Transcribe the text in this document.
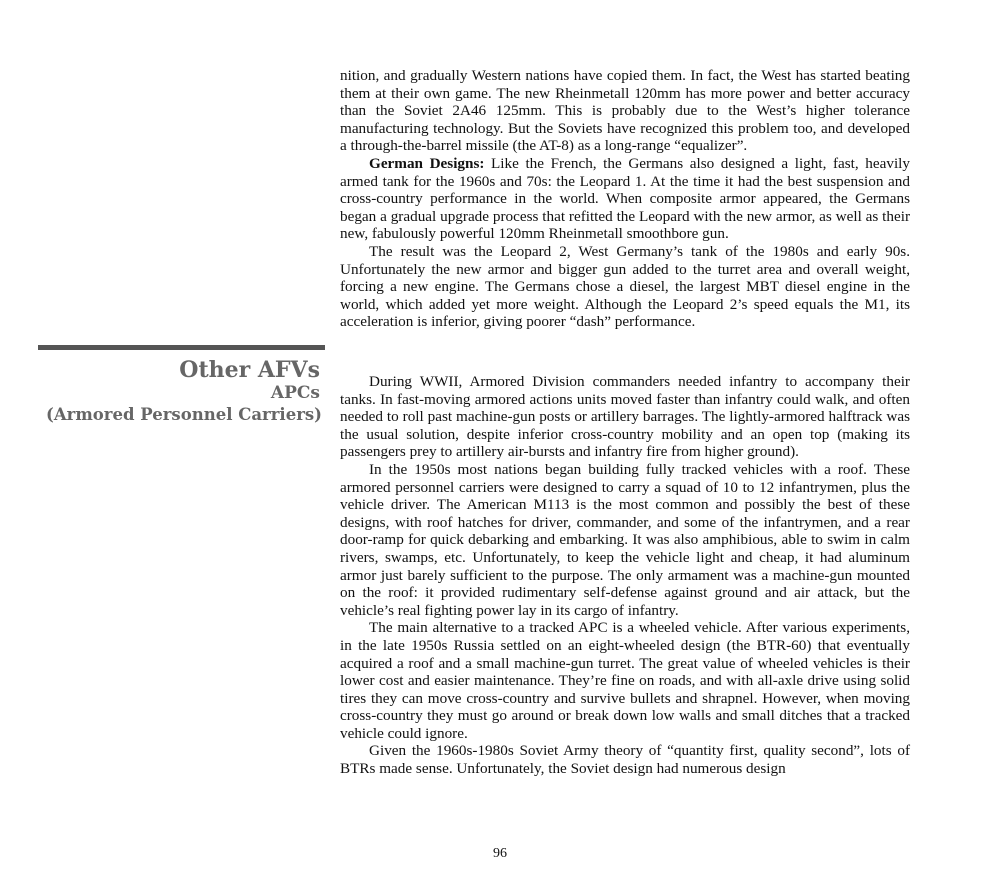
nition, and gradually Western nations have copied them. In fact, the West has started beating them at their own game. The new Rheinmetall 120mm has more power and better accuracy than the Soviet 2A46 125mm. This is probably due to the West’s higher tolerance manufacturing technology. But the Soviets have recognized this problem too, and developed a through-the-barrel missile (the AT-8) as a long-range “equalizer”.

German Designs: Like the French, the Germans also designed a light, fast, heavily armed tank for the 1960s and 70s: the Leopard 1. At the time it had the best suspension and cross-country performance in the world. When composite armor appeared, the Germans began a gradual upgrade process that refitted the Leopard with the new armor, as well as their new, fabulously powerful 120mm Rheinmetall smoothbore gun.

The result was the Leopard 2, West Germany’s tank of the 1980s and early 90s. Unfortunately the new armor and bigger gun added to the turret area and overall weight, forcing a new engine. The Germans chose a diesel, the largest MBT diesel engine in the world, which added yet more weight. Although the Leopard 2’s speed equals the M1, its acceleration is inferior, giving poorer “dash” performance.

Other AFVs
APCs
(Armored Personnel Carriers)

During WWII, Armored Division commanders needed infantry to accompany their tanks. In fast-moving armored actions units moved faster than infantry could walk, and often needed to roll past machine-gun posts or artillery barrages. The lightly-armored halftrack was the usual solution, despite inferior cross-country mobility and an open top (making its passengers prey to artillery air-bursts and infantry fire from higher ground).

In the 1950s most nations began building fully tracked vehicles with a roof. These armored personnel carriers were designed to carry a squad of 10 to 12 infantrymen, plus the vehicle driver. The American M113 is the most common and possibly the best of these designs, with roof hatches for driver, commander, and some of the infantrymen, and a rear door-ramp for quick debarking and embarking. It was also amphibious, able to swim in calm rivers, swamps, etc. Unfortunately, to keep the vehicle light and cheap, it had aluminum armor just barely sufficient to the purpose. The only armament was a machine-gun mounted on the roof: it provided rudimentary self-defense against ground and air attack, but the vehicle’s real fighting power lay in its cargo of infantry.

The main alternative to a tracked APC is a wheeled vehicle. After various experiments, in the late 1950s Russia settled on an eight-wheeled design (the BTR-60) that eventually acquired a roof and a small machine-gun turret. The great value of wheeled vehicles is their lower cost and easier maintenance. They’re fine on roads, and with all-axle drive using solid tires they can move cross-country and survive bullets and shrapnel. However, when moving cross-country they must go around or break down low walls and small ditches that a tracked vehicle could ignore.

Given the 1960s-1980s Soviet Army theory of “quantity first, quality second”, lots of BTRs made sense. Unfortunately, the Soviet design had numerous design

96
